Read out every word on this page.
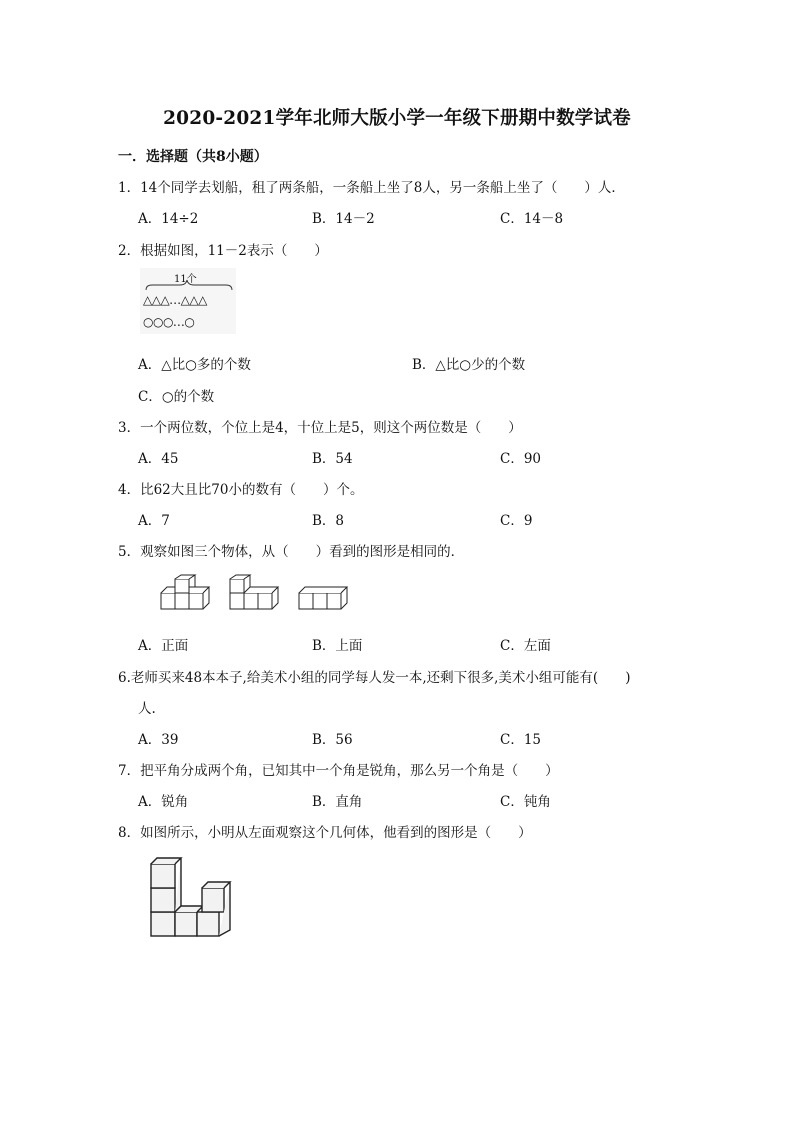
2020-2021学年北师大版小学一年级下册期中数学试卷
一．选择题（共8小题）
1．14个同学去划船，租了两条船，一条船上坐了8人，另一条船上坐了（　　）人．
A．14÷2	B．14－2	C．14－8
2．根据如图，11－2表示（　　）
11个
△△△…△△△
○○○…○
A．△比○多的个数	B．△比○少的个数
C．○的个数
3．一个两位数，个位上是4，十位上是5，则这个两位数是（　　）
A．45	B．54	C．90
4．比62大且比70小的数有（　　）个。
A．7	B．8	C．9
5．观察如图三个物体，从（　　）看到的图形是相同的．
A．正面	B．上面	C．左面
6.老师买来48本本子,给美术小组的同学每人发一本,还剩下很多,美术小组可能有(　　)
人.
A．39	B．56	C．15
7．把平角分成两个角，已知其中一个角是锐角，那么另一个角是（　　）
A．锐角	B．直角	C．钝角
8．如图所示，小明从左面观察这个几何体，他看到的图形是（　　）
